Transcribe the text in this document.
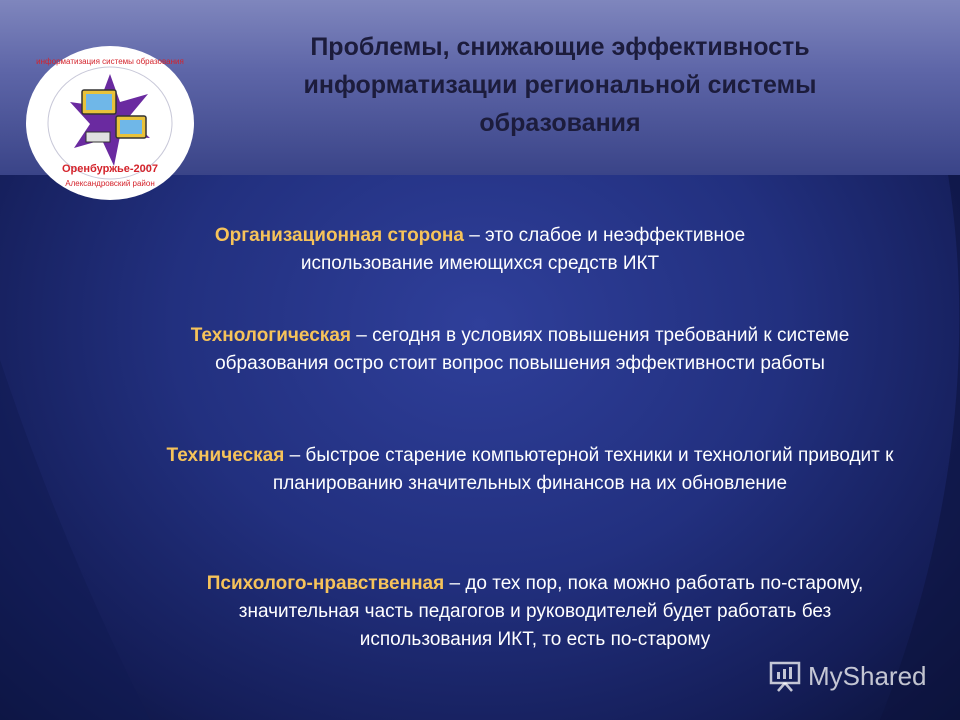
Проблемы, снижающие эффективность информатизации региональной системы образования
информатизация системы образования
Оренбуржье-2007
Александровский район
Организационная сторона – это слабое и неэффективное использование имеющихся средств ИКТ
Технологическая – сегодня в условиях повышения требований к системе образования остро стоит вопрос повышения эффективности работы
Техническая – быстрое старение компьютерной техники и технологий приводит к планированию значительных финансов на их обновление
Психолого-нравственная – до тех пор, пока можно работать по-старому, значительная часть педагогов и руководителей будет работать без использования ИКТ, то есть по-старому
MyShared
